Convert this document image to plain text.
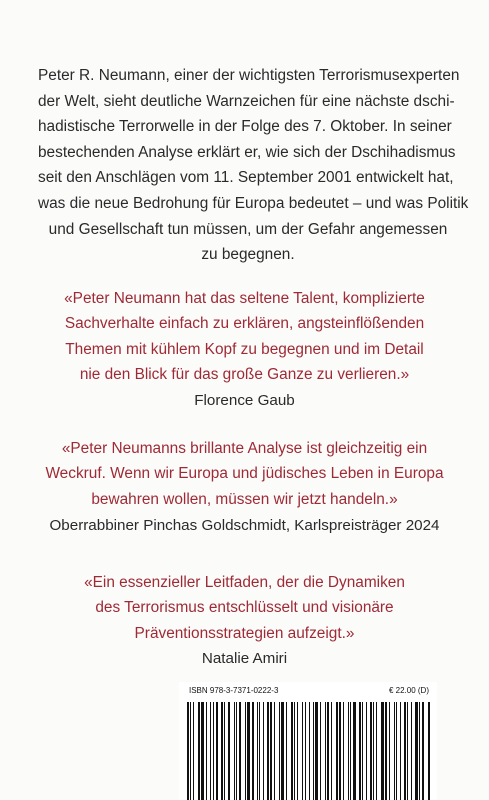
Peter R. Neumann, einer der wichtigsten Terrorismusexperten
der Welt, sieht deutliche Warnzeichen für eine nächste dschi-
hadistische Terrorwelle in der Folge des 7. Oktober. In seiner
bestechenden Analyse erklärt er, wie sich der Dschihadismus
seit den Anschlägen vom 11. September 2001 entwickelt hat,
was die neue Bedrohung für Europa bedeutet – und was Politik
und Gesellschaft tun müssen, um der Gefahr angemessen
zu begegnen.
«Peter Neumann hat das seltene Talent, komplizierte
Sachverhalte einfach zu erklären, angsteinflößenden
Themen mit kühlem Kopf zu begegnen und im Detail
nie den Blick für das große Ganze zu verlieren.»
Florence Gaub
«Peter Neumanns brillante Analyse ist gleichzeitig ein
Weckruf. Wenn wir Europa und jüdisches Leben in Europa
bewahren wollen, müssen wir jetzt handeln.»
Oberrabbiner Pinchas Goldschmidt, Karlspreisträger 2024
«Ein essenzieller Leitfaden, der die Dynamiken
des Terrorismus entschlüsselt und visionäre
Präventionsstrategien aufzeigt.»
Natalie Amiri
ISBN 978-3-7371-0222-3	€ 22.00 (D)
